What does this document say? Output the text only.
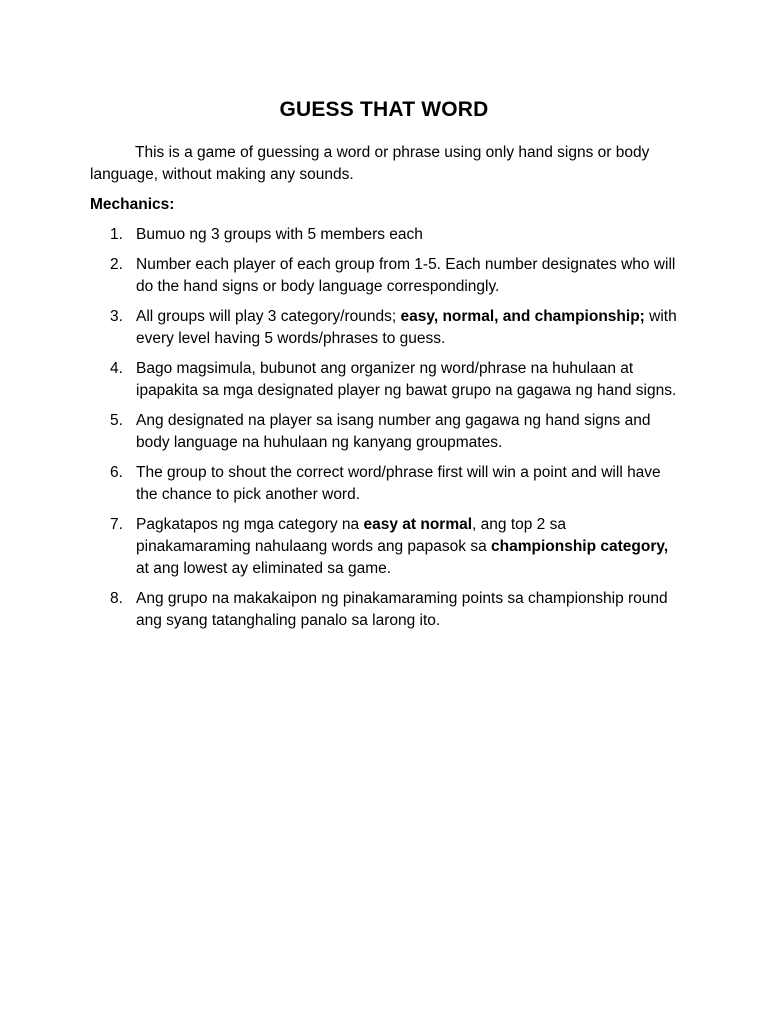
GUESS THAT WORD

This is a game of guessing a word or phrase using only hand signs or body language, without making any sounds.

Mechanics:

1. Bumuo ng 3 groups with 5 members each
2. Number each player of each group from 1-5. Each number designates who will do the hand signs or body language correspondingly.
3. All groups will play 3 category/rounds; easy, normal, and championship; with every level having 5 words/phrases to guess.
4. Bago magsimula, bubunot ang organizer ng word/phrase na huhulaan at ipapakita sa mga designated player ng bawat grupo na gagawa ng hand signs.
5. Ang designated na player sa isang number ang gagawa ng hand signs and body language na huhulaan ng kanyang groupmates.
6. The group to shout the correct word/phrase first will win a point and will have the chance to pick another word.
7. Pagkatapos ng mga category na easy at normal, ang top 2 sa pinakamaraming nahulaang words ang papasok sa championship category, at ang lowest ay eliminated sa game.
8. Ang grupo na makakaipon ng pinakamaraming points sa championship round ang syang tatanghaling panalo sa larong ito.
